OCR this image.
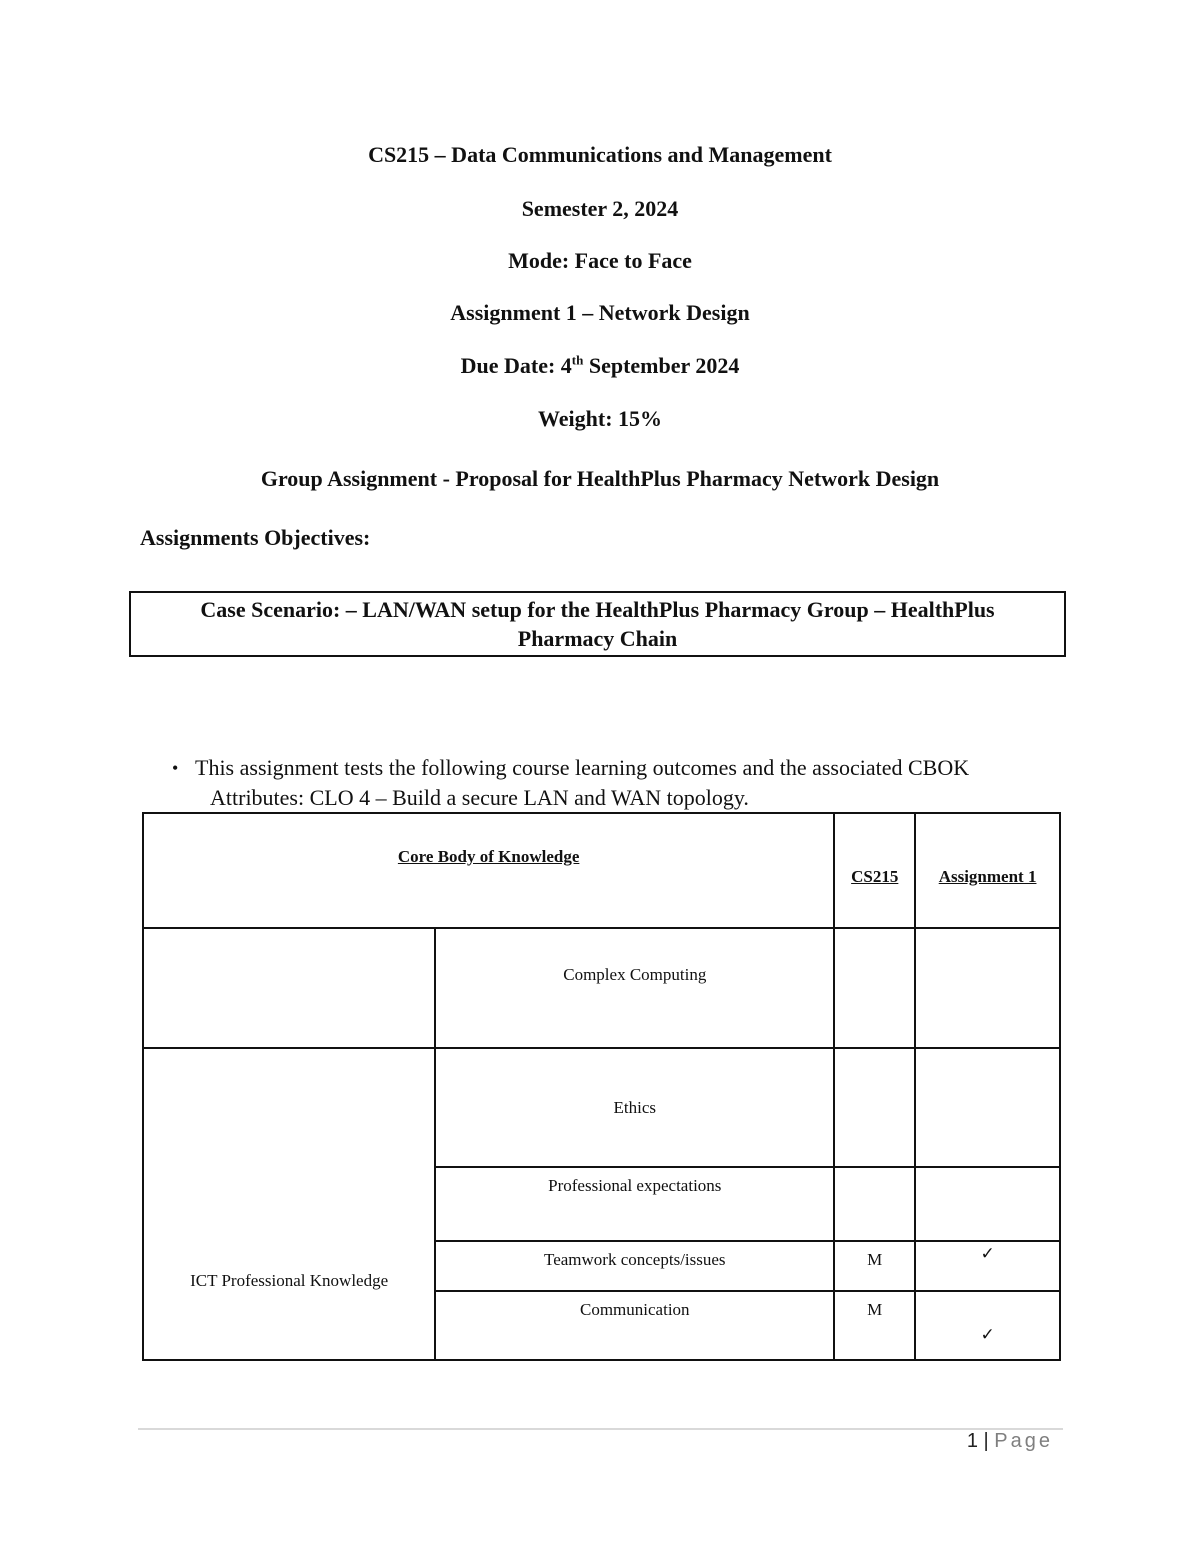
CS215 – Data Communications and Management
Semester 2, 2024
Mode: Face to Face
Assignment 1 – Network Design
Due Date: 4th September 2024
Weight: 15%
Group Assignment - Proposal for HealthPlus Pharmacy Network Design
Assignments Objectives:
Case Scenario: – LAN/WAN setup for the HealthPlus Pharmacy Group – HealthPlus
Pharmacy Chain
• This assignment tests the following course learning outcomes and the associated CBOK
Attributes: CLO 4 – Build a secure LAN and WAN topology.
Core Body of Knowledge		CS215	Assignment 1
	Complex Computing		
ICT Professional Knowledge	Ethics		
	Professional expectations		
	Teamwork concepts/issues	M	✓
	Communication	M	✓
1 | Page
